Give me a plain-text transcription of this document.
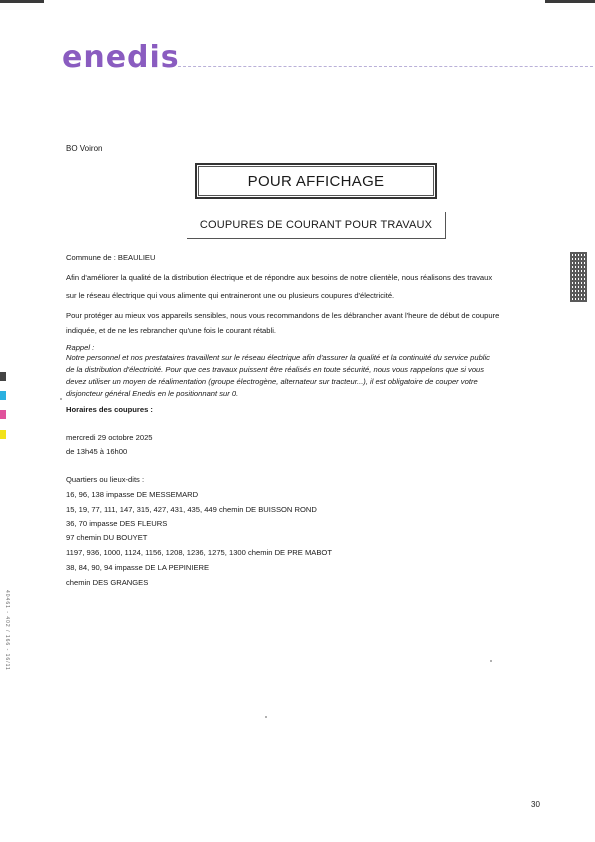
enedis
BO Voiron
POUR AFFICHAGE
COUPURES DE COURANT POUR TRAVAUX
Commune de : BEAULIEU
Afin d'améliorer la qualité de la distribution électrique et de répondre aux besoins de notre clientèle, nous réalisons des travaux
sur le réseau électrique qui vous alimente qui entraineront une ou plusieurs coupures d'électricité.
Pour protéger au mieux vos appareils sensibles, nous vous recommandons de les débrancher avant l'heure de début de coupure
indiquée, et de ne les rebrancher qu'une fois le courant rétabli.
Rappel :
Notre personnel et nos prestataires travaillent sur le réseau électrique afin d'assurer la qualité et la continuité du service public
de la distribution d'électricité. Pour que ces travaux puissent être réalisés en toute sécurité, nous vous rappelons que si vous
devez utiliser un moyen de réalimentation (groupe électrogène, alternateur sur tracteur...), il est obligatoire de couper votre
disjoncteur général Enedis en le positionnant sur 0.
Horaires des coupures :
mercredi 29 octobre 2025
de 13h45 à 16h00
Quartiers ou lieux-dits :
16, 96, 138 impasse DE MESSEMARD
15, 19, 77, 111, 147, 315, 427, 431, 435, 449 chemin DE BUISSON ROND
36, 70 impasse DES FLEURS
97 chemin DU BOUYET
1197, 936, 1000, 1124, 1156, 1208, 1236, 1275, 1300 chemin DE PRE MABOT
38, 84, 90, 94 impasse DE LA PEPINIERE
chemin DES GRANGES
40461 - 402 / 166 - 16/11
30
